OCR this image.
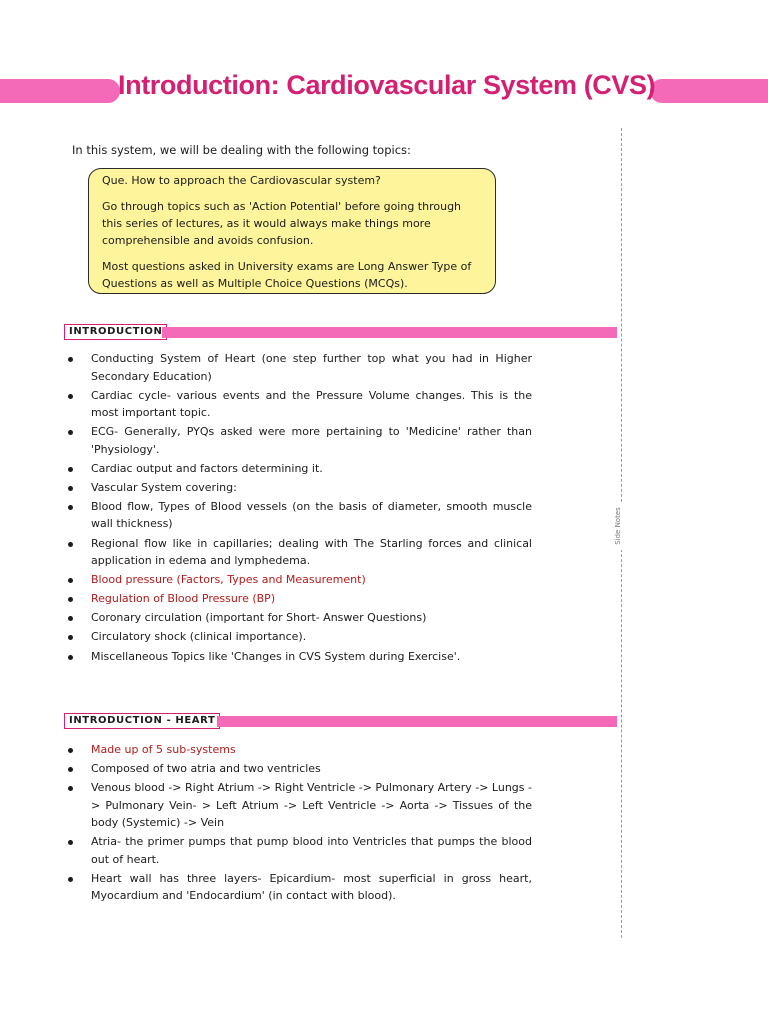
Introduction: Cardiovascular System (CVS)
Side Notes

In this system, we will be dealing with the following topics:

Que. How to approach the Cardiovascular system?

Go through topics such as 'Action Potential' before going through this series of lectures, as it would always make things more comprehensible and avoids confusion.

Most questions asked in University exams are Long Answer Type of Questions as well as Multiple Choice Questions (MCQs).

INTRODUCTION
Conducting System of Heart (one step further top what you had in Higher Secondary Education)
Cardiac cycle- various events and the Pressure Volume changes. This is the most important topic.
ECG- Generally, PYQs asked were more pertaining to 'Medicine' rather than 'Physiology'.
Cardiac output and factors determining it.
Vascular System covering:
Blood flow, Types of Blood vessels (on the basis of diameter, smooth muscle wall thickness)
Regional flow like in capillaries; dealing with The Starling forces and clinical application in edema and lymphedema.
Blood pressure (Factors, Types and Measurement)
Regulation of Blood Pressure (BP)
Coronary circulation (important for Short- Answer Questions)
Circulatory shock (clinical importance).
Miscellaneous Topics like 'Changes in CVS System during Exercise'.
INTRODUCTION - HEART
Made up of 5 sub-systems
Composed of two atria and two ventricles
Venous blood -> Right Atrium -> Right Ventricle -> Pulmonary Artery -> Lungs -> Pulmonary Vein- > Left Atrium -> Left Ventricle -> Aorta -> Tissues of the body (Systemic) -> Vein
Atria- the primer pumps that pump blood into Ventricles that pumps the blood out of heart.
Heart wall has three layers- Epicardium- most superficial in gross heart, Myocardium and 'Endocardium' (in contact with blood).
